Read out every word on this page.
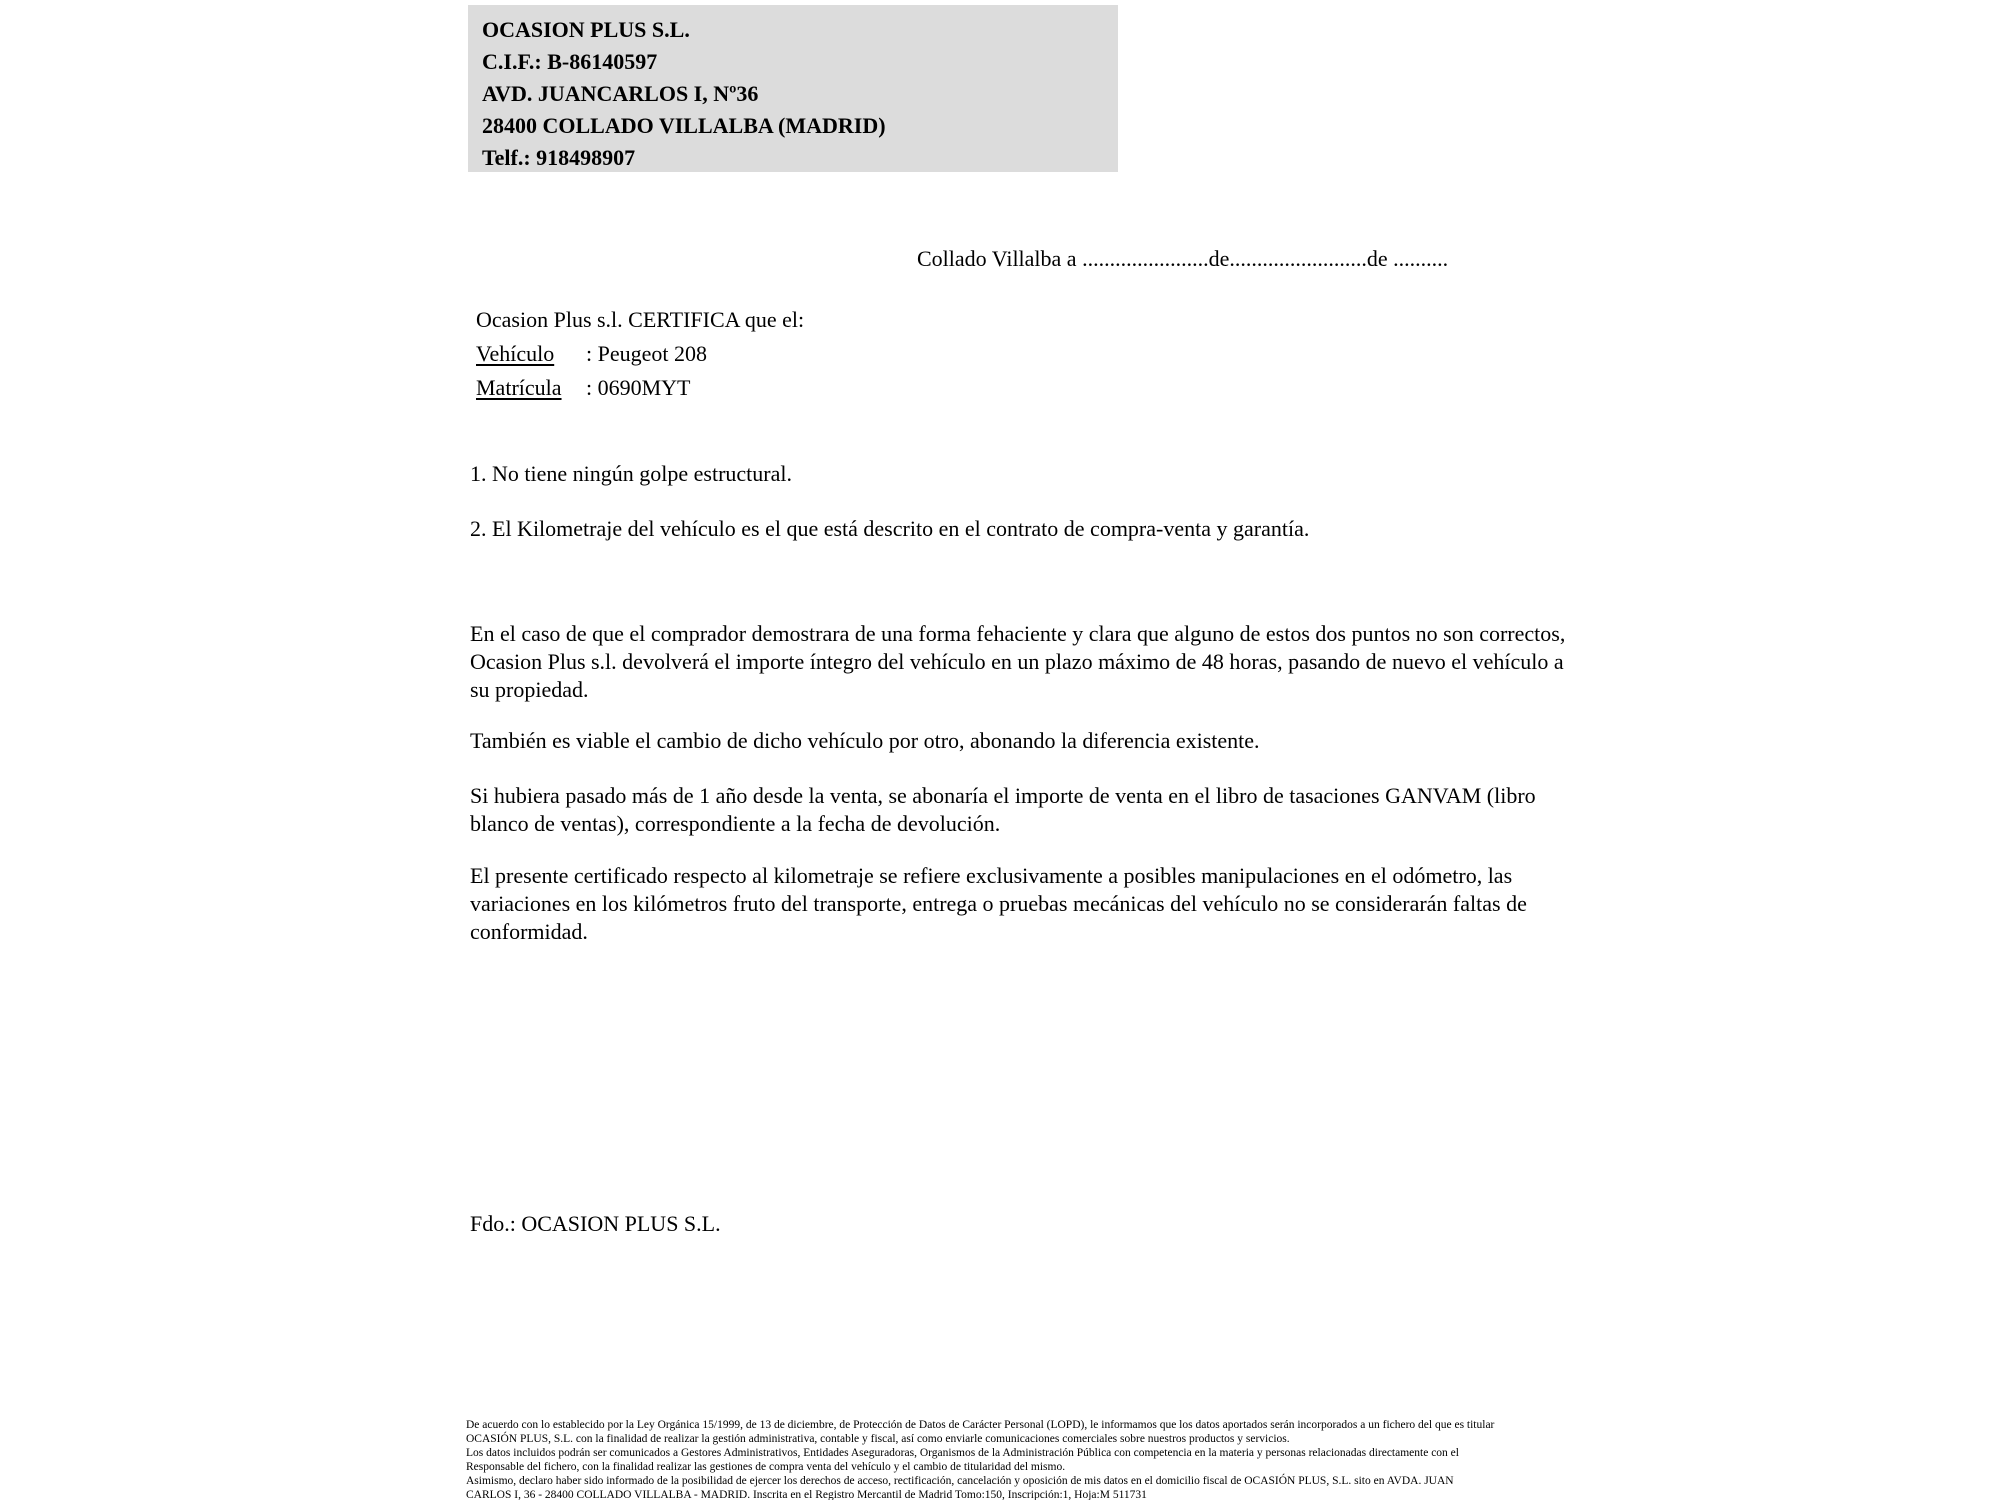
OCASION PLUS S.L.
C.I.F.: B-86140597
AVD. JUANCARLOS I, Nº36
28400 COLLADO VILLALBA (MADRID)
Telf.: 918498907
Collado Villalba a .......................de.........................de ..........
Ocasion Plus s.l. CERTIFICA que el:
Vehículo : Peugeot 208
Matrícula : 0690MYT
1. No tiene ningún golpe estructural.
2. El Kilometraje del vehículo es el que está descrito en el contrato de compra-venta y garantía.
En el caso de que el comprador demostrara de una forma fehaciente y clara que alguno de estos dos puntos no son correctos, Ocasion Plus s.l. devolverá el importe íntegro del vehículo en un plazo máximo de 48 horas, pasando de nuevo el vehículo a su propiedad.
También es viable el cambio de dicho vehículo por otro, abonando la diferencia existente.
Si hubiera pasado más de 1 año desde la venta, se abonaría el importe de venta en el libro de tasaciones GANVAM (libro blanco de ventas), correspondiente a la fecha de devolución.
El presente certificado respecto al kilometraje se refiere exclusivamente a posibles manipulaciones en el odómetro, las variaciones en los kilómetros fruto del transporte, entrega o pruebas mecánicas del vehículo no se considerarán faltas de conformidad.
Fdo.: OCASION PLUS S.L.
De acuerdo con lo establecido por la Ley Orgánica 15/1999, de 13 de diciembre, de Protección de Datos de Carácter Personal (LOPD), le informamos que los datos aportados serán incorporados a un fichero del que es titular
OCASIÓN PLUS, S.L. con la finalidad de realizar la gestión administrativa, contable y fiscal, así como enviarle comunicaciones comerciales sobre nuestros productos y servicios.
Los datos incluidos podrán ser comunicados a Gestores Administrativos, Entidades Aseguradoras, Organismos de la Administración Pública con competencia en la materia y personas relacionadas directamente con el
Responsable del fichero, con la finalidad realizar las gestiones de compra venta del vehículo y el cambio de titularidad del mismo.
Asimismo, declaro haber sido informado de la posibilidad de ejercer los derechos de acceso, rectificación, cancelación y oposición de mis datos en el domicilio fiscal de OCASIÓN PLUS, S.L. sito en AVDA. JUAN
CARLOS I, 36 - 28400 COLLADO VILLALBA - MADRID. Inscrita en el Registro Mercantil de Madrid Tomo:150, Inscripción:1, Hoja:M 511731
